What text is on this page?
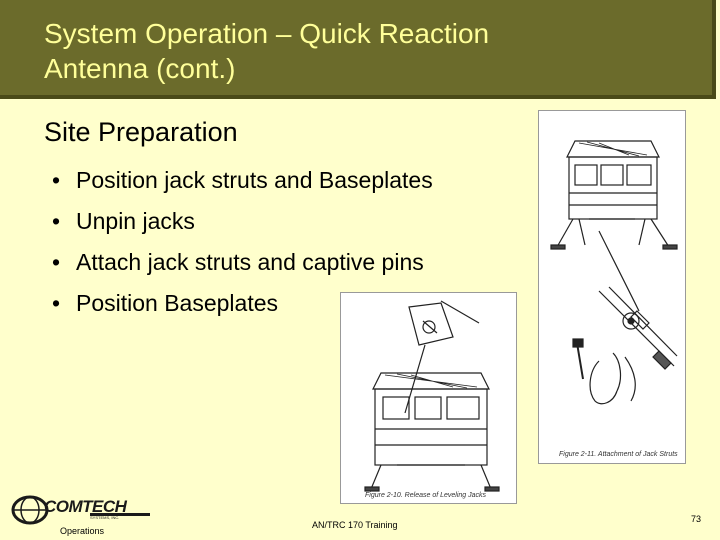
System Operation – Quick Reaction
Antenna (cont.)
Site Preparation
• Position jack struts and Baseplates
• Unpin jacks
• Attach jack struts and captive pins
• Position Baseplates
Figure 2-11. Attachment of Jack Struts
Figure 2-10. Release of Leveling Jacks
COMTECH
SYSTEMS, INC.
Operations
AN/TRC 170 Training
73
